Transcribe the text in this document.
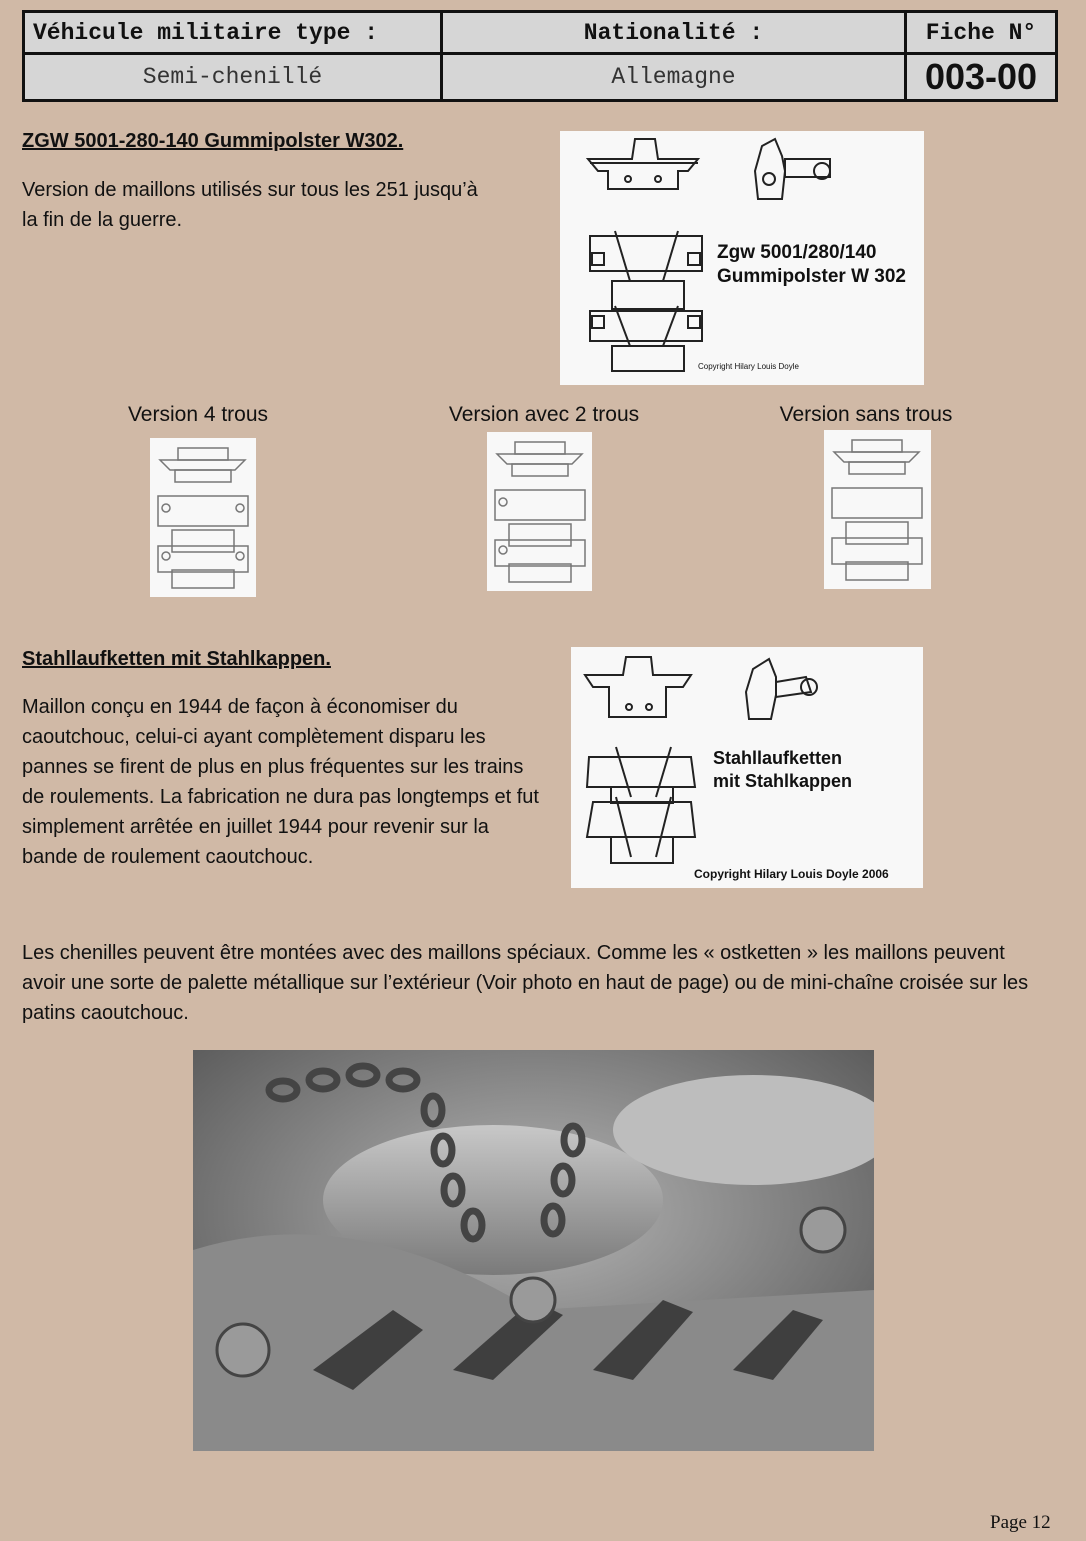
Véhicule militaire type :	Nationalité :	Fiche N°
Semi-chenillé	Allemagne	003-00
ZGW 5001-280-140 Gummipolster W302.
Version de maillons utilisés sur tous les 251 jusqu’à la fin de la guerre.
Zgw 5001/280/140
Gummipolster W 302
Copyright Hilary Louis Doyle
Version 4 trous	Version avec 2 trous	Version sans trous
Stahllaufketten mit Stahlkappen.
Maillon conçu en 1944 de façon à économiser du caoutchouc, celui-ci ayant complètement disparu les pannes se firent de plus en plus fréquentes sur les trains de roulements. La fabrication ne dura pas longtemps et fut simplement arrêtée en juillet 1944 pour revenir sur la bande de roulement caoutchouc.
Stahllaufketten
mit Stahlkappen
Copyright Hilary Louis Doyle 2006
Les chenilles peuvent être montées avec des maillons spéciaux. Comme les « ostketten » les maillons peuvent avoir une sorte de palette métallique sur l’extérieur (Voir photo en haut de page) ou de mini-chaîne croisée sur les patins caoutchouc.
Page 12
